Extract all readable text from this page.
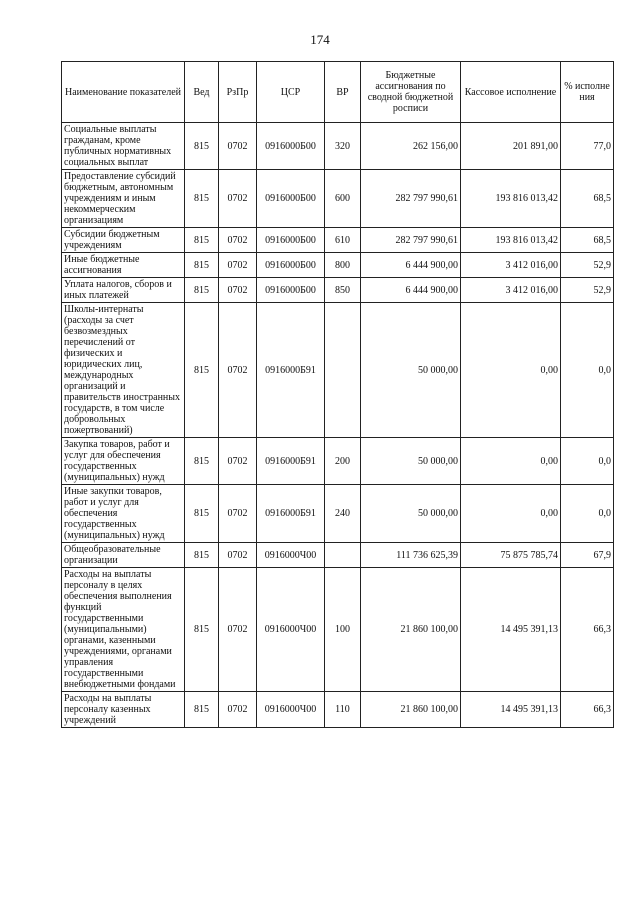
174
Наименование показателей	Вед	РзПр	ЦСР	ВР	Бюджетные ассигнования по сводной бюджетной росписи	Кассовое исполнение	% исполне ния
Социальные выплаты гражданам, кроме публичных нормативных социальных выплат	815	0702	0916000Б00	320	262 156,00	201 891,00	77,0
Предоставление субсидий бюджетным, автономным учреждениям и иным некоммерческим организациям	815	0702	0916000Б00	600	282 797 990,61	193 816 013,42	68,5
Субсидии бюджетным учреждениям	815	0702	0916000Б00	610	282 797 990,61	193 816 013,42	68,5
Иные бюджетные ассигнования	815	0702	0916000Б00	800	6 444 900,00	3 412 016,00	52,9
Уплата налогов, сборов и иных платежей	815	0702	0916000Б00	850	6 444 900,00	3 412 016,00	52,9
Школы-интернаты (расходы за счет безвозмездных перечислений от физических и юридических лиц, международных организаций и правительств иностранных государств, в том числе добровольных пожертвований)	815	0702	0916000Б91		50 000,00	0,00	0,0
Закупка товаров, работ и услуг для обеспечения государственных (муниципальных) нужд	815	0702	0916000Б91	200	50 000,00	0,00	0,0
Иные закупки товаров, работ и услуг для обеспечения государственных (муниципальных) нужд	815	0702	0916000Б91	240	50 000,00	0,00	0,0
Общеобразовательные организации	815	0702	0916000Ч00		111 736 625,39	75 875 785,74	67,9
Расходы на выплаты персоналу в целях обеспечения выполнения функций государственными (муниципальными) органами, казенными учреждениями, органами управления государственными внебюджетными фондами	815	0702	0916000Ч00	100	21 860 100,00	14 495 391,13	66,3
Расходы на выплаты персоналу казенных учреждений	815	0702	0916000Ч00	110	21 860 100,00	14 495 391,13	66,3
